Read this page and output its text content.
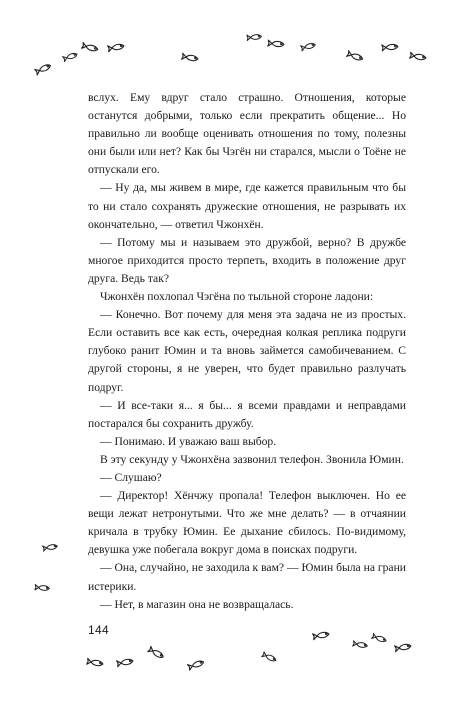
вслух. Ему вдруг стало страшно. Отношения, которые останутся добрыми, только если прекратить общение... Но правильно ли вообще оценивать отношения по тому, полезны они были или нет? Как бы Чэгён ни старался, мысли о Тоёне не отпускали его.

— Ну да, мы живем в мире, где кажется правильным что бы то ни стало сохранять дружеские отношения, не разрывать их окончательно, — ответил Чжонхён.

— Потому мы и называем это дружбой, верно? В дружбе многое приходится просто терпеть, входить в положение друг друга. Ведь так?

Чжонхён похлопал Чэгёна по тыльной стороне ладони:

— Конечно. Вот почему для меня эта задача не из простых. Если оставить все как есть, очередная колкая реплика подруги глубоко ранит Юмин и та вновь займется самобичеванием. С другой стороны, я не уверен, что будет правильно разлучать подруг.

— И все-таки я... я бы... я всеми правдами и неправдами постарался бы сохранить дружбу.

— Понимаю. И уважаю ваш выбор.

В эту секунду у Чжонхёна зазвонил телефон. Звонила Юмин.

— Слушаю?

— Директор! Хёнчжу пропала! Телефон выключен. Но ее вещи лежат нетронутыми. Что же мне делать? — в отчаянии кричала в трубку Юмин. Ее дыхание сбилось. По-видимому, девушка уже побегала вокруг дома в поисках подруги.

— Она, случайно, не заходила к вам? — Юмин была на грани истерики.

— Нет, в магазин она не возвращалась.

144
